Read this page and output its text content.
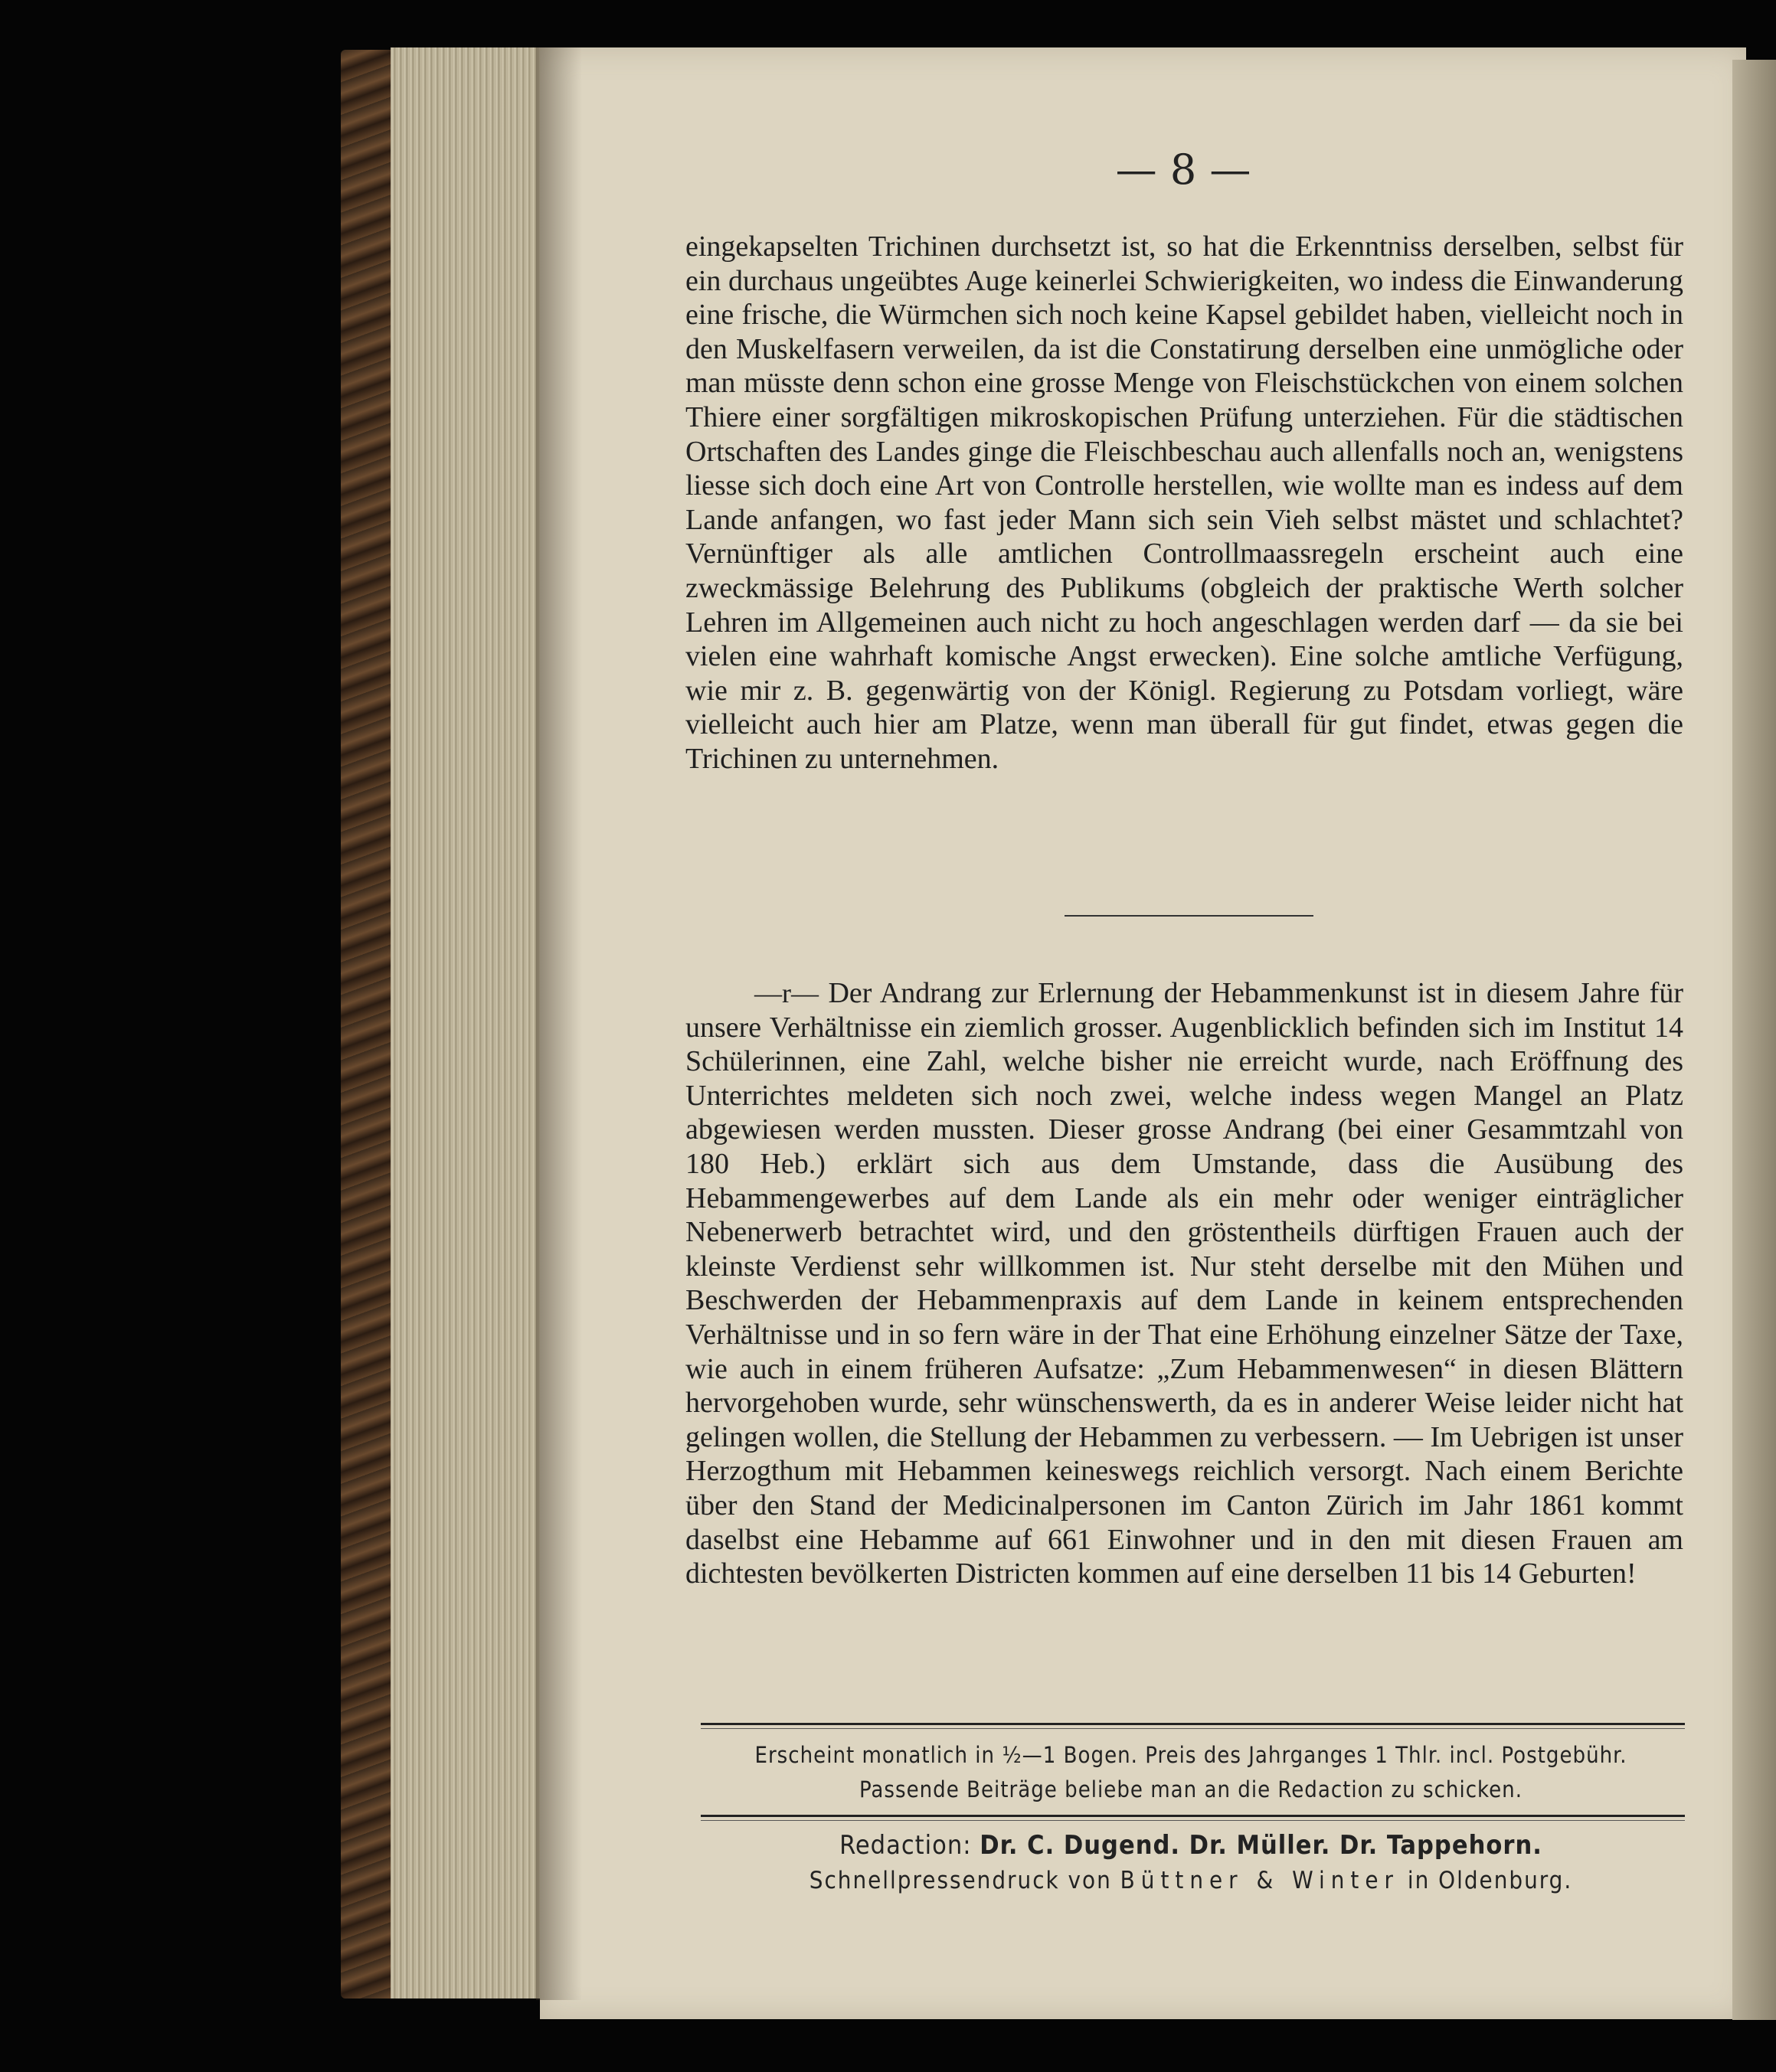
— 8 —

eingekapselten Trichinen durchsetzt ist, so hat die Erkenntniss derselben, selbst für ein durchaus ungeübtes Auge keinerlei Schwierigkeiten, wo indess die Einwanderung eine frische, die Würmchen sich noch keine Kapsel gebildet haben, vielleicht noch in den Muskelfasern verweilen, da ist die Constatirung derselben eine unmögliche oder man müsste denn schon eine grosse Menge von Fleischstückchen von einem solchen Thiere einer sorgfältigen mikroskopischen Prüfung unterziehen. Für die städtischen Ortschaften des Landes ginge die Fleischbeschau auch allenfalls noch an, wenigstens liesse sich doch eine Art von Controlle herstellen, wie wollte man es indess auf dem Lande anfangen, wo fast jeder Mann sich sein Vieh selbst mästet und schlachtet? Vernünftiger als alle amtlichen Controllmaassregeln erscheint auch eine zweckmässige Belehrung des Publikums (obgleich der praktische Werth solcher Lehren im Allgemeinen auch nicht zu hoch angeschlagen werden darf — da sie bei vielen eine wahrhaft komische Angst erwecken). Eine solche amtliche Verfügung, wie mir z. B. gegenwärtig von der Königl. Regierung zu Potsdam vorliegt, wäre vielleicht auch hier am Platze, wenn man überall für gut findet, etwas gegen die Trichinen zu unternehmen.

—r— Der Andrang zur Erlernung der Hebammenkunst ist in diesem Jahre für unsere Verhältnisse ein ziemlich grosser. Augenblicklich befinden sich im Institut 14 Schülerinnen, eine Zahl, welche bisher nie erreicht wurde, nach Eröffnung des Unterrichtes meldeten sich noch zwei, welche indess wegen Mangel an Platz abgewiesen werden mussten. Dieser grosse Andrang (bei einer Gesammtzahl von 180 Heb.) erklärt sich aus dem Umstande, dass die Ausübung des Hebammengewerbes auf dem Lande als ein mehr oder weniger einträglicher Nebenerwerb betrachtet wird, und den gröstentheils dürftigen Frauen auch der kleinste Verdienst sehr willkommen ist. Nur steht derselbe mit den Mühen und Beschwerden der Hebammenpraxis auf dem Lande in keinem entsprechenden Verhältnisse und in so fern wäre in der That eine Erhöhung einzelner Sätze der Taxe, wie auch in einem früheren Aufsatze: „Zum Hebammenwesen“ in diesen Blättern hervorgehoben wurde, sehr wünschenswerth, da es in anderer Weise leider nicht hat gelingen wollen, die Stellung der Hebammen zu verbessern. — Im Uebrigen ist unser Herzogthum mit Hebammen keineswegs reichlich versorgt. Nach einem Berichte über den Stand der Medicinalpersonen im Canton Zürich im Jahr 1861 kommt daselbst eine Hebamme auf 661 Einwohner und in den mit diesen Frauen am dichtesten bevölkerten Districten kommen auf eine derselben 11 bis 14 Geburten!

Erscheint monatlich in ½—1 Bogen. Preis des Jahrganges 1 Thlr. incl. Postgebühr.
Passende Beiträge beliebe man an die Redaction zu schicken.
Redaction: Dr. C. Dugend. Dr. Müller. Dr. Tappehorn.
Schnellpressendruck von Büttner & Winter in Oldenburg.
